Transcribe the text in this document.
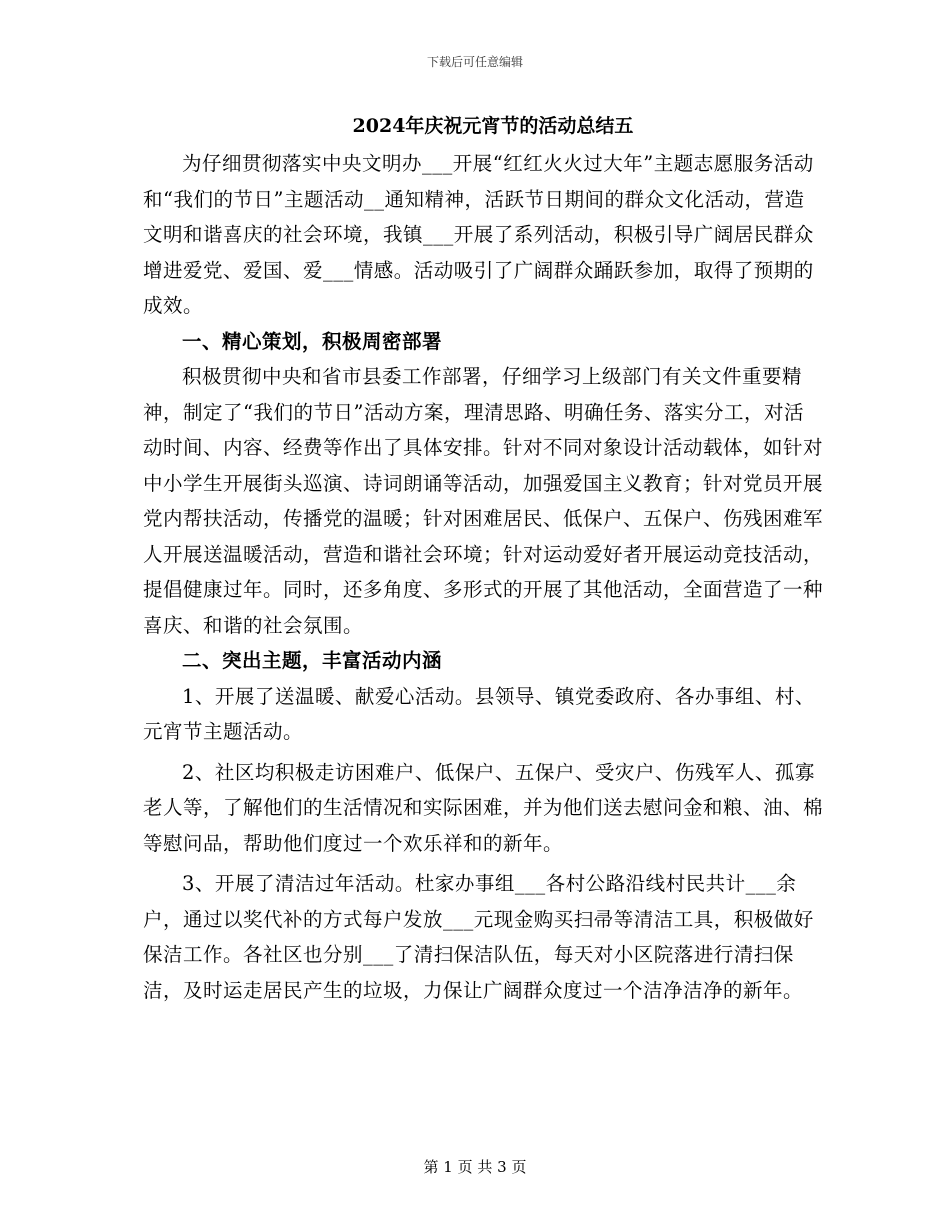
下载后可任意编辑
2024年庆祝元宵节的活动总结五

为仔细贯彻落实中央文明办___开展“红红火火过大年”主题志愿服务活动和“我们的节日”主题活动__通知精神，活跃节日期间的群众文化活动，营造文明和谐喜庆的社会环境，我镇___开展了系列活动，积极引导广阔居民群众增进爱党、爱国、爱___情感。活动吸引了广阔群众踊跃参加，取得了预期的成效。

一、精心策划，积极周密部署

积极贯彻中央和省市县委工作部署，仔细学习上级部门有关文件重要精神，制定了“我们的节日”活动方案，理清思路、明确任务、落实分工，对活动时间、内容、经费等作出了具体安排。针对不同对象设计活动载体，如针对中小学生开展街头巡演、诗词朗诵等活动，加强爱国主义教育；针对党员开展党内帮扶活动，传播党的温暖；针对困难居民、低保户、五保户、伤残困难军人开展送温暖活动，营造和谐社会环境；针对运动爱好者开展运动竞技活动，提倡健康过年。同时，还多角度、多形式的开展了其他活动，全面营造了一种喜庆、和谐的社会氛围。

二、突出主题，丰富活动内涵

1、开展了送温暖、献爱心活动。县领导、镇党委政府、各办事组、村、元宵节主题活动。

2、社区均积极走访困难户、低保户、五保户、受灾户、伤残军人、孤寡老人等，了解他们的生活情况和实际困难，并为他们送去慰问金和粮、油、棉等慰问品，帮助他们度过一个欢乐祥和的新年。

3、开展了清洁过年活动。杜家办事组___各村公路沿线村民共计___余户，通过以奖代补的方式每户发放___元现金购买扫帚等清洁工具，积极做好保洁工作。各社区也分别___了清扫保洁队伍，每天对小区院落进行清扫保洁，及时运走居民产生的垃圾，力保让广阔群众度过一个洁净洁净的新年。

第 1 页 共 3 页
